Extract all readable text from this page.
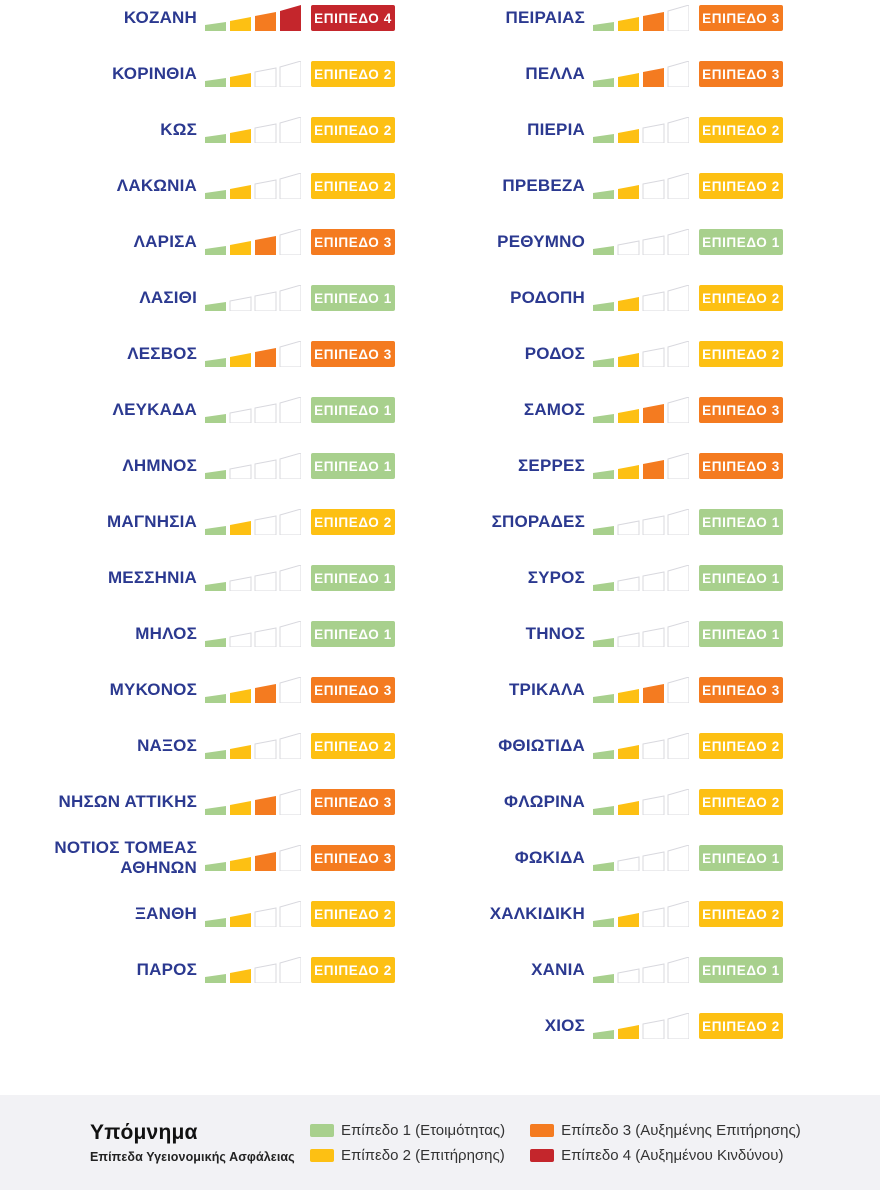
ΚΟΖΑΝΗ	ΕΠΙΠΕΔΟ 4
ΚΟΡΙΝΘΙΑ	ΕΠΙΠΕΔΟ 2
ΚΩΣ	ΕΠΙΠΕΔΟ 2
ΛΑΚΩΝΙΑ	ΕΠΙΠΕΔΟ 2
ΛΑΡΙΣΑ	ΕΠΙΠΕΔΟ 3
ΛΑΣΙΘΙ	ΕΠΙΠΕΔΟ 1
ΛΕΣΒΟΣ	ΕΠΙΠΕΔΟ 3
ΛΕΥΚΑΔΑ	ΕΠΙΠΕΔΟ 1
ΛΗΜΝΟΣ	ΕΠΙΠΕΔΟ 1
ΜΑΓΝΗΣΙΑ	ΕΠΙΠΕΔΟ 2
ΜΕΣΣΗΝΙΑ	ΕΠΙΠΕΔΟ 1
ΜΗΛΟΣ	ΕΠΙΠΕΔΟ 1
ΜΥΚΟΝΟΣ	ΕΠΙΠΕΔΟ 3
ΝΑΞΟΣ	ΕΠΙΠΕΔΟ 2
ΝΗΣΩΝ ΑΤΤΙΚΗΣ	ΕΠΙΠΕΔΟ 3
ΝΟΤΙΟΣ ΤΟΜΕΑΣ ΑΘΗΝΩΝ	ΕΠΙΠΕΔΟ 3
ΞΑΝΘΗ	ΕΠΙΠΕΔΟ 2
ΠΑΡΟΣ	ΕΠΙΠΕΔΟ 2
ΠΕΙΡΑΙΑΣ	ΕΠΙΠΕΔΟ 3
ΠΕΛΛΑ	ΕΠΙΠΕΔΟ 3
ΠΙΕΡΙΑ	ΕΠΙΠΕΔΟ 2
ΠΡΕΒΕΖΑ	ΕΠΙΠΕΔΟ 2
ΡΕΘΥΜΝΟ	ΕΠΙΠΕΔΟ 1
ΡΟΔΟΠΗ	ΕΠΙΠΕΔΟ 2
ΡΟΔΟΣ	ΕΠΙΠΕΔΟ 2
ΣΑΜΟΣ	ΕΠΙΠΕΔΟ 3
ΣΕΡΡΕΣ	ΕΠΙΠΕΔΟ 3
ΣΠΟΡΑΔΕΣ	ΕΠΙΠΕΔΟ 1
ΣΥΡΟΣ	ΕΠΙΠΕΔΟ 1
ΤΗΝΟΣ	ΕΠΙΠΕΔΟ 1
ΤΡΙΚΑΛΑ	ΕΠΙΠΕΔΟ 3
ΦΘΙΩΤΙΔΑ	ΕΠΙΠΕΔΟ 2
ΦΛΩΡΙΝΑ	ΕΠΙΠΕΔΟ 2
ΦΩΚΙΔΑ	ΕΠΙΠΕΔΟ 1
ΧΑΛΚΙΔΙΚΗ	ΕΠΙΠΕΔΟ 2
ΧΑΝΙΑ	ΕΠΙΠΕΔΟ 1
ΧΙΟΣ	ΕΠΙΠΕΔΟ 2
Υπόμνημα
Επίπεδα Υγειονομικής Ασφάλειας
Επίπεδο 1 (Ετοιμότητας)
Επίπεδο 2 (Επιτήρησης)
Επίπεδο 3 (Αυξημένης Επιτήρησης)
Επίπεδο 4 (Αυξημένου Κινδύνου)
